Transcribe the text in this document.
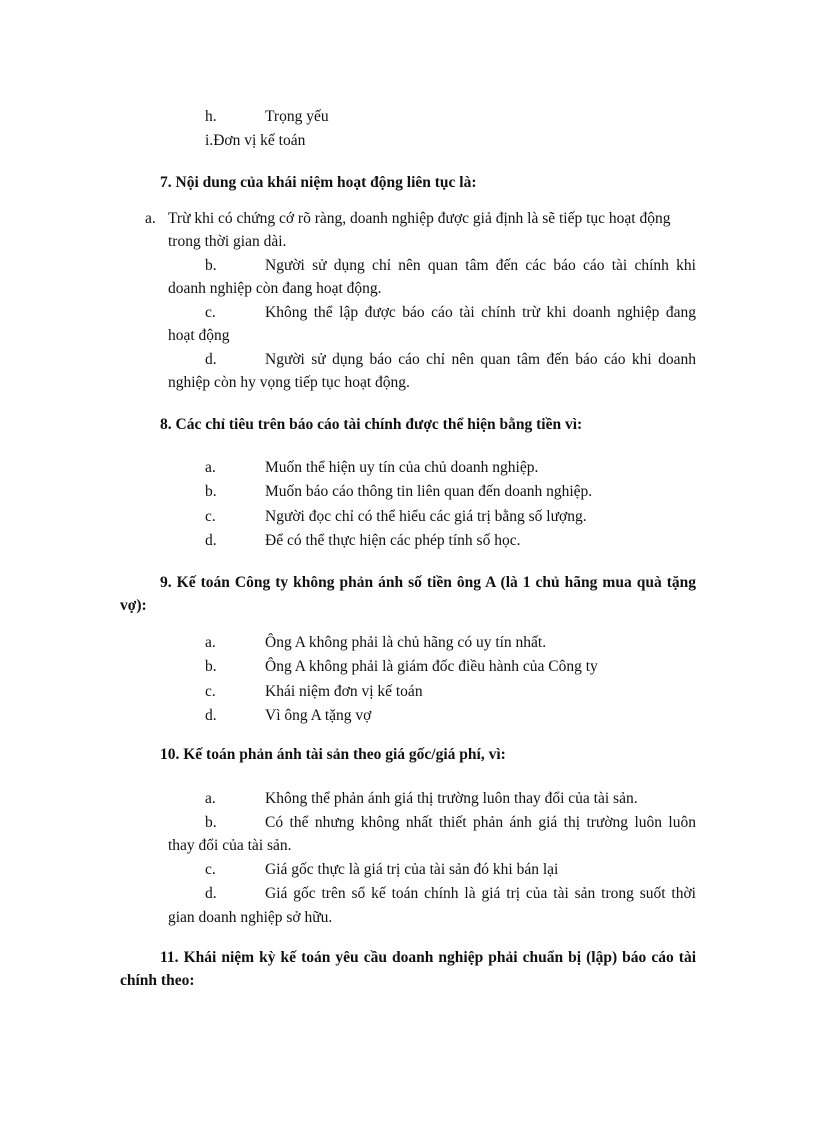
h.	Trọng yếu
i.Đơn vị kế toán
7. Nội dung của khái niệm hoạt động liên tục là:
a. Trừ khi có chứng cớ rõ ràng, doanh nghiệp được giả định là sẽ tiếp tục hoạt động
trong thời gian dài.
b.	Người sử dụng chỉ nên quan tâm đến các báo cáo tài chính khi
doanh nghiệp còn đang hoạt động.
c.	Không thể lập được báo cáo tài chính trừ khi doanh nghiệp đang
hoạt động
d.	Người sử dụng báo cáo chỉ nên quan tâm đến báo cáo khi doanh
nghiệp còn hy vọng tiếp tục hoạt động.
8. Các chỉ tiêu trên báo cáo tài chính được thể hiện bằng tiền vì:
a.	Muốn thể hiện uy tín của chủ doanh nghiệp.
b.	Muốn báo cáo thông tin liên quan đến doanh nghiệp.
c.	Người đọc chỉ có thể hiểu các giá trị bằng số lượng.
d.	Để có thể thực hiện các phép tính số học.
9. Kế toán Công ty không phản ánh số tiền ông A (là 1 chủ hãng mua quà tặng
vợ):
a.	Ông A không phải là chủ hãng có uy tín nhất.
b.	Ông A không phải là giám đốc điều hành của Công ty
c.	Khái niệm đơn vị kế toán
d.	Vì ông A tặng vợ
10. Kế toán phản ánh tài sản theo giá gốc/giá phí, vì:
a.	Không thể phản ánh giá thị trường luôn thay đổi của tài sản.
b.	Có thể nhưng không nhất thiết phản ánh giá thị trường luôn luôn
thay đổi của tài sản.
c.	Giá gốc thực là giá trị của tài sản đó khi bán lại
d.	Giá gốc trên sổ kế toán chính là giá trị của tài sản trong suốt thời
gian doanh nghiệp sở hữu.
11. Khái niệm kỳ kế toán yêu cầu doanh nghiệp phải chuẩn bị (lập) báo cáo tài
chính theo:
